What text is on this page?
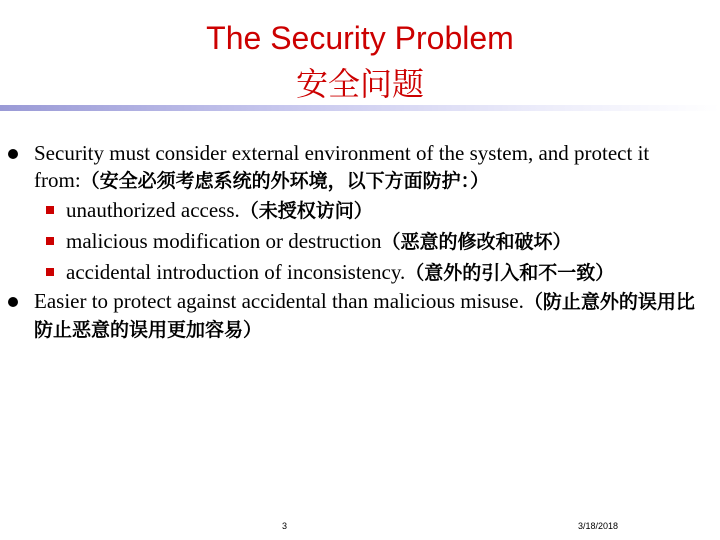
The Security Problem
安全问题
Security must consider external environment of the system, and protect it from:（安全必须考虑系统的外环境，以下方面防护：）
unauthorized access.（未授权访问）
malicious modification or destruction（恶意的修改和破坏）
accidental introduction of inconsistency.（意外的引入和不一致）
Easier to protect against accidental than malicious misuse.（防止意外的误用比防止恶意的误用更加容易）
3	3/18/2018
